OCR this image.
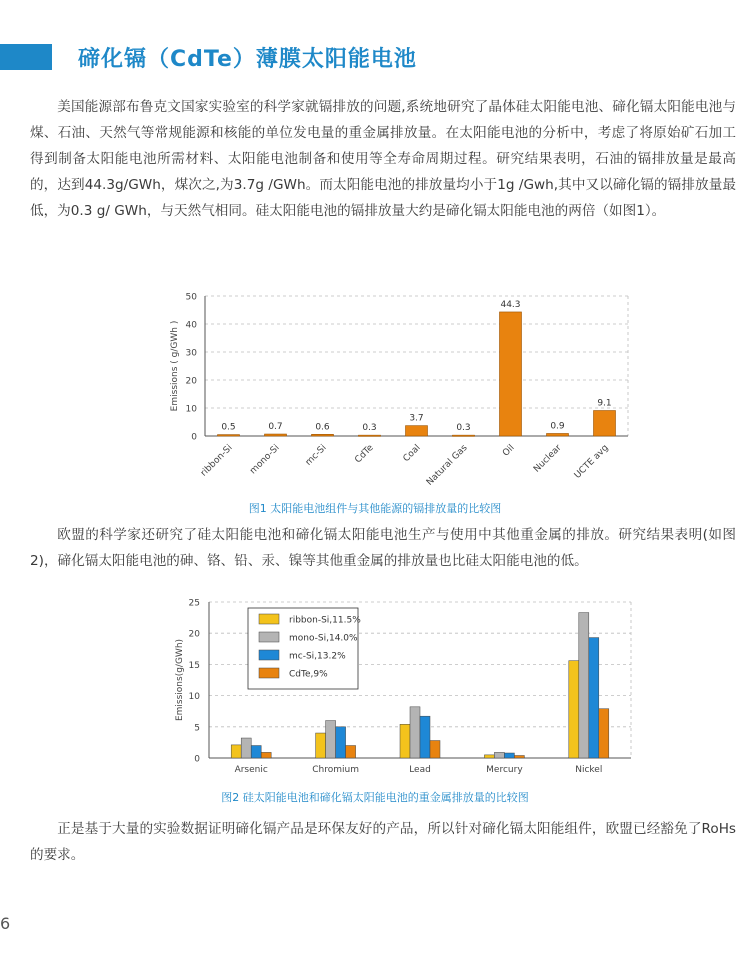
碲化镉（CdTe）薄膜太阳能电池

美国能源部布鲁克文国家实验室的科学家就镉排放的问题,系统地研究了晶体硅太阳能电池、碲化镉太阳能电池与煤、石油、天然气等常规能源和核能的单位发电量的重金属排放量。在太阳能电池的分析中，考虑了将原始矿石加工得到制备太阳能电池所需材料、太阳能电池制备和使用等全寿命周期过程。研究结果表明，石油的镉排放量是最高的，达到44.3g/GWh，煤次之,为3.7g /GWh。而太阳能电池的排放量均小于1g /Gwh,其中又以碲化镉的镉排放量最低，为0.3 g/ GWh，与天然气相同。硅太阳能电池的镉排放量大约是碲化镉太阳能电池的两倍（如图1）。

0
10
20
30
40
50
Emissions ( g/GWh )
0.5
ribbon-Si
0.7
mono-Si
0.6
mc-Si
0.3
CdTe
3.7
Coal
0.3
Natural Gas
44.3
Oil
0.9
Nuclear
9.1
UCTE avg
图1 太阳能电池组件与其他能源的镉排放量的比较图

欧盟的科学家还研究了硅太阳能电池和碲化镉太阳能电池生产与使用中其他重金属的排放。研究结果表明(如图2)，碲化镉太阳能电池的砷、铬、铅、汞、镍等其他重金属的排放量也比硅太阳能电池的低。

0
5
10
15
20
25
Emissions(g/GWh)
Arsenic	Chromium	Lead	Mercury	Nickel
ribbon-Si,11.5%
mono-Si,14.0%
mc-Si,13.2%
CdTe,9%
图2 硅太阳能电池和碲化镉太阳能电池的重金属排放量的比较图

正是基于大量的实验数据证明碲化镉产品是环保友好的产品，所以针对碲化镉太阳能组件，欧盟已经豁免了RoHs的要求。

6
